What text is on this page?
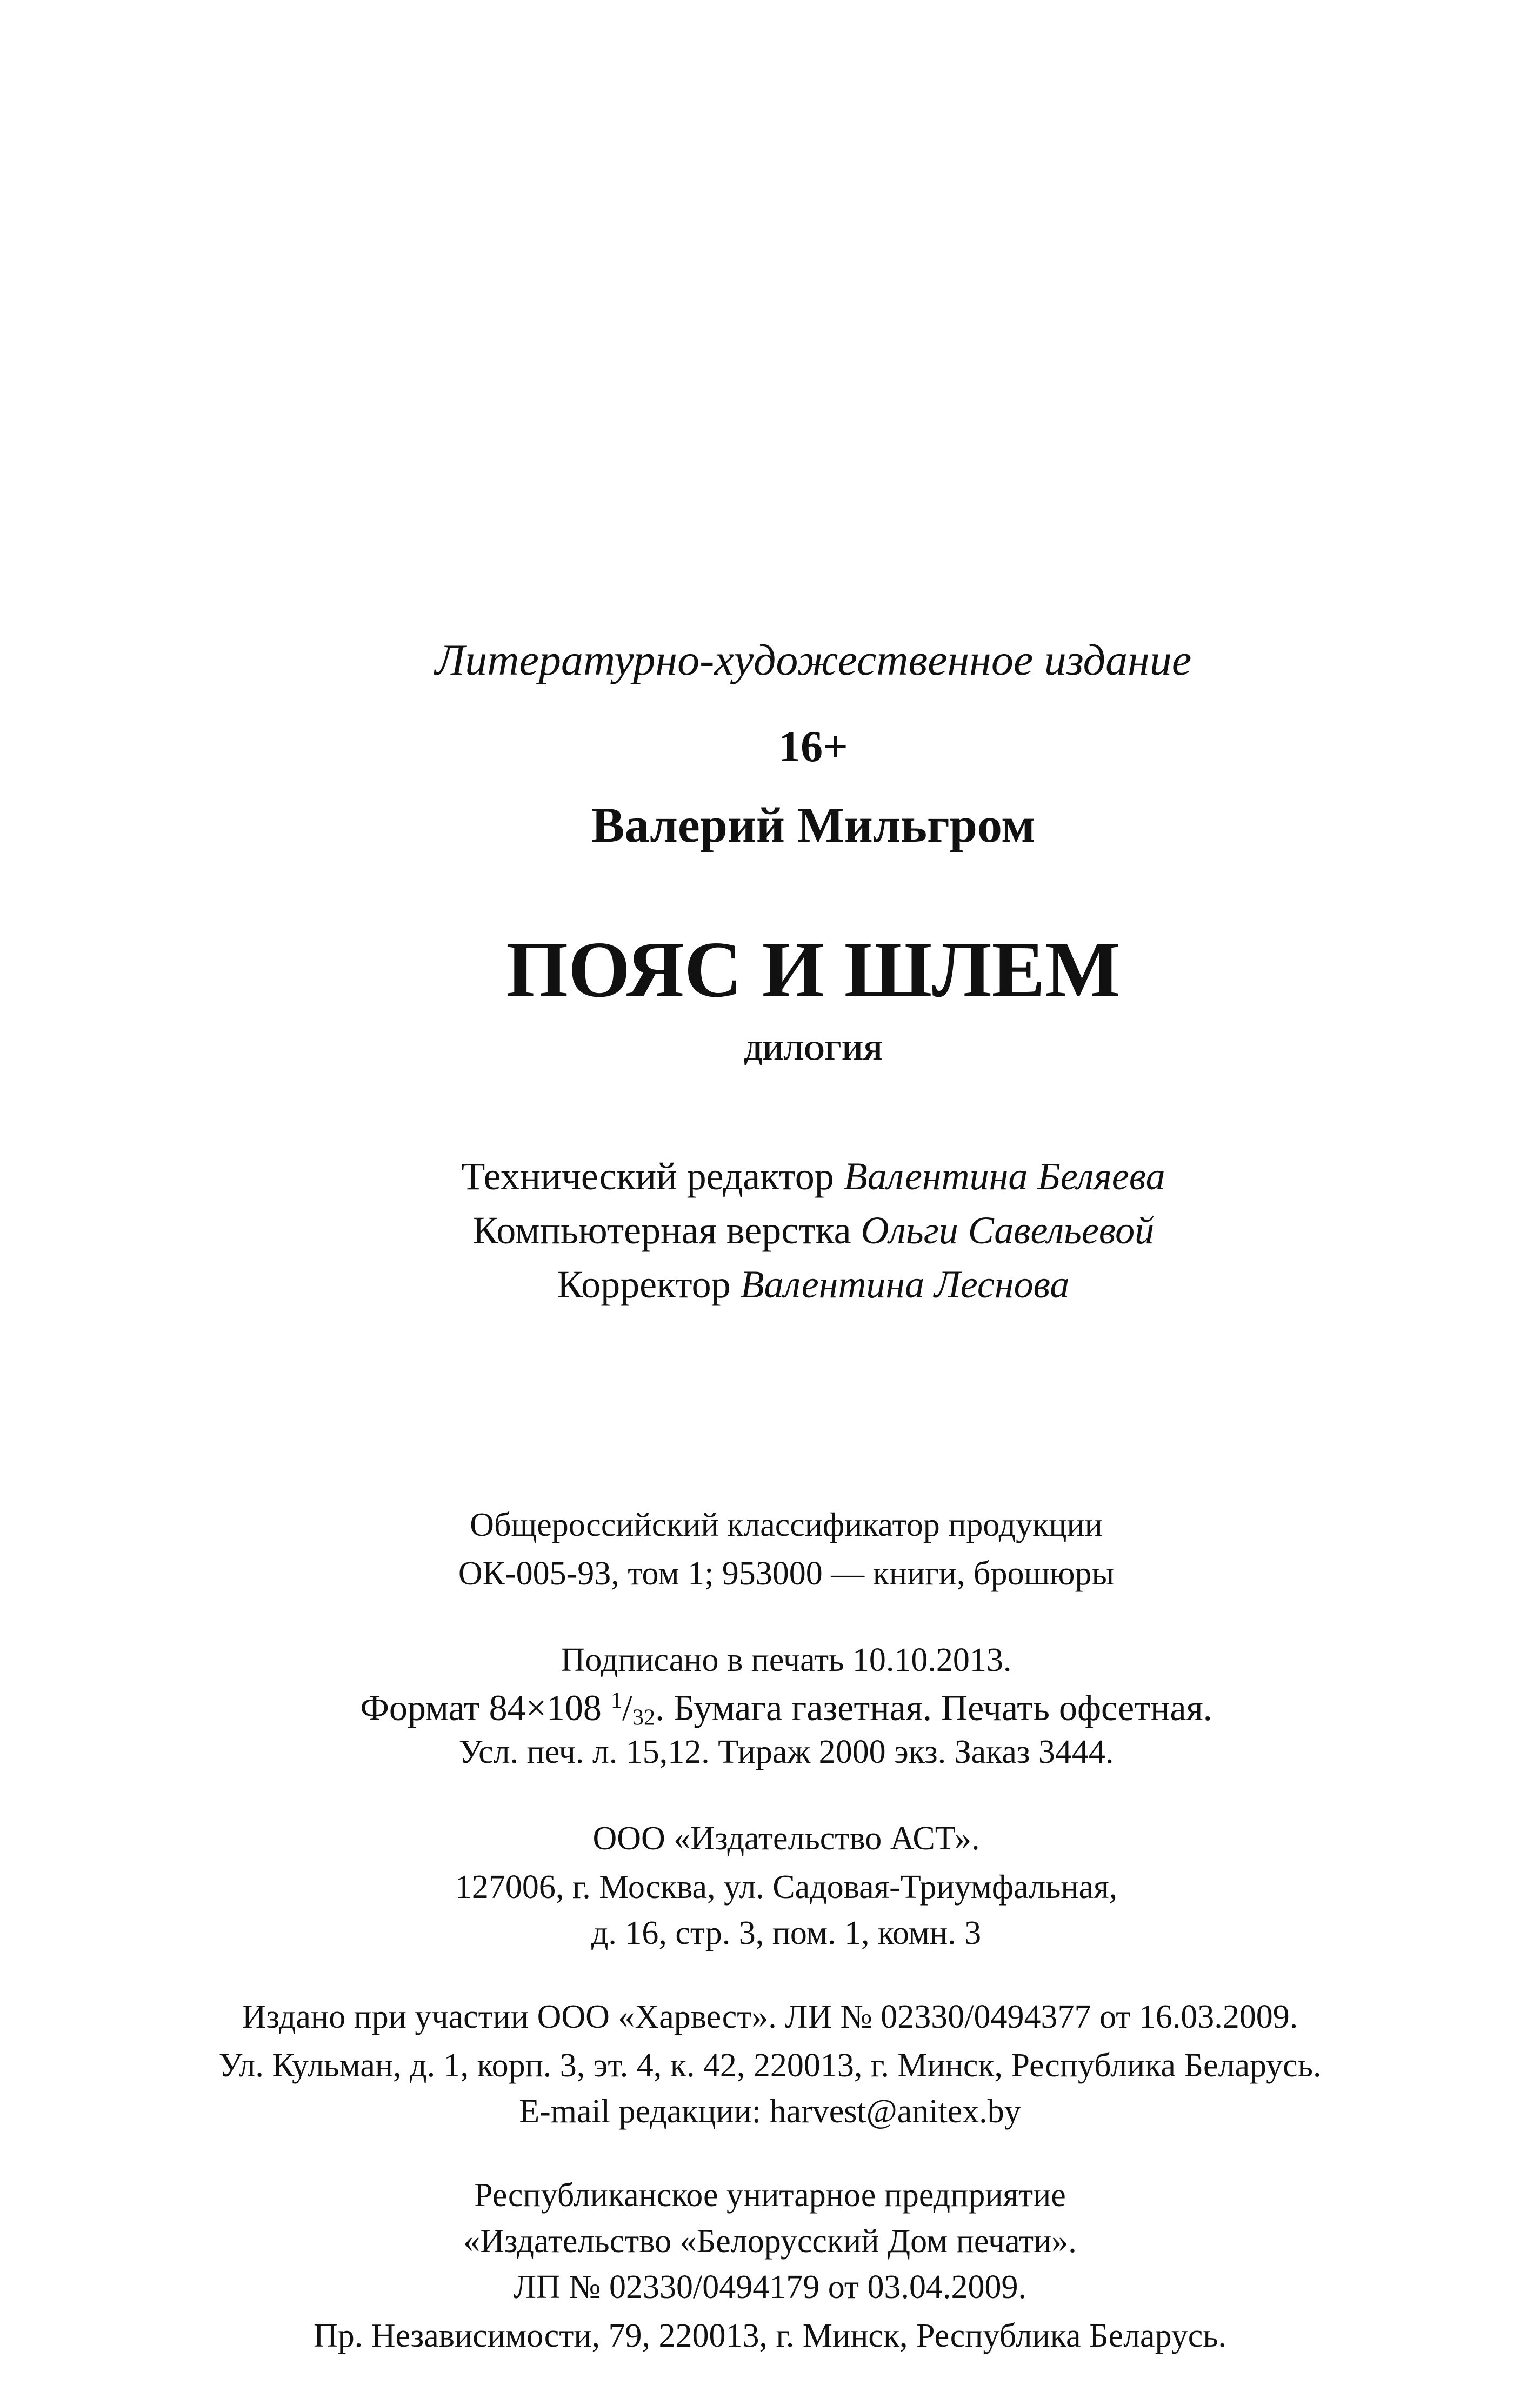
Литературно-художественное издание
16+
Валерий Мильгром
ПОЯС И ШЛЕМ
дилогия
Технический редактор Валентина Беляева
Компьютерная верстка Ольги Савельевой
Корректор Валентина Леснова
Общероссийский классификатор продукции
ОК-005-93, том 1; 953000 — книги, брошюры
Подписано в печать 10.10.2013.
Формат 84×108 $^1/_{32}$. Бумага газетная. Печать офсетная.
Усл. печ. л. 15,12. Тираж 2000 экз. Заказ 3444.
ООО «Издательство АСТ».
127006, г. Москва, ул. Садовая-Триумфальная,
д. 16, стр. 3, пом. 1, комн. 3
Издано при участии ООО «Харвест». ЛИ № 02330/0494377 от 16.03.2009.
Ул. Кульман, д. 1, корп. 3, эт. 4, к. 42, 220013, г. Минск, Республика Беларусь.
E-mail редакции: harvest@anitex.by
Республиканское унитарное предприятие
«Издательство «Белорусский Дом печати».
ЛП № 02330/0494179 от 03.04.2009.
Пр. Независимости, 79, 220013, г. Минск, Республика Беларусь.
